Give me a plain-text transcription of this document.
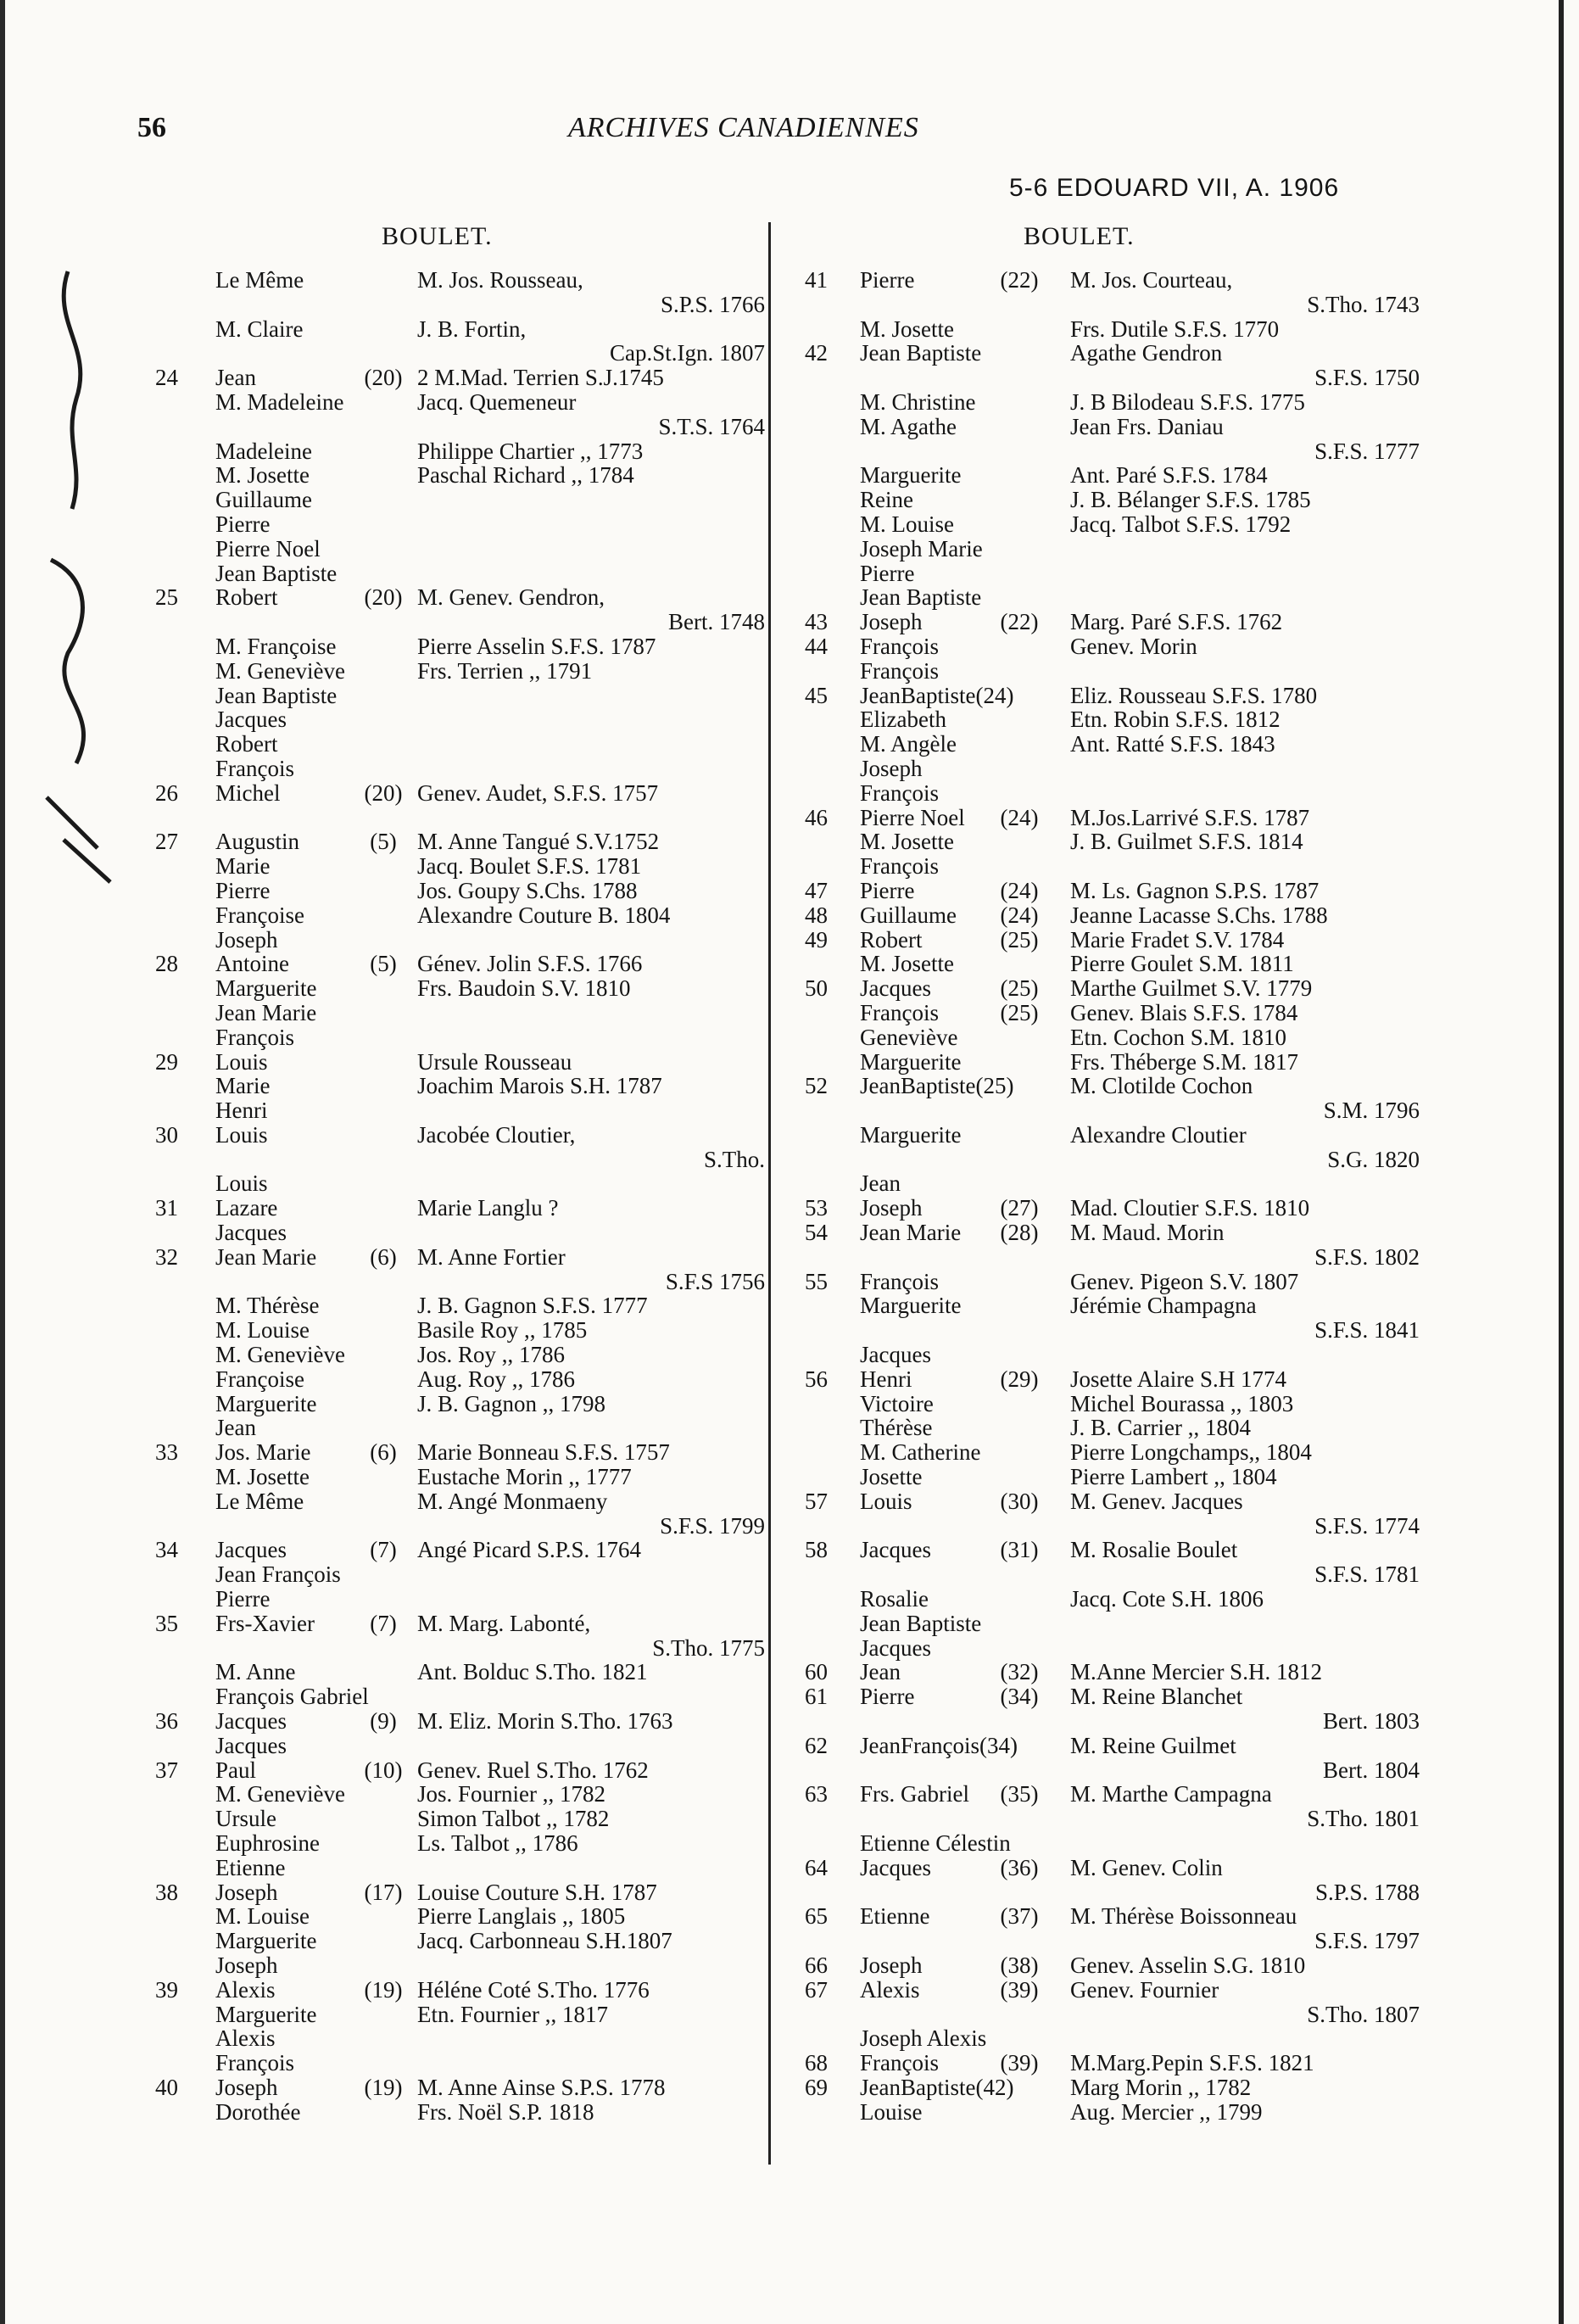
56	ARCHIVES CANADIENNES
5-6 EDOUARD VII, A. 1906
BOULET.	BOULET.
Le Même	M. Jos. Rousseau,
S.P.S. 1766
M. Claire	J. B. Fortin,
Cap.St.Ign. 1807
24 Jean	(20) 2 M.Mad. Terrien S.J.1745
M. Madeleine	Jacq. Quemeneur
S.T.S. 1764
Madeleine	Philippe Chartier ,, 1773
M. Josette	Paschal Richard ,, 1784
Guillaume
Pierre
Pierre Noel
Jean Baptiste
25 Robert	(20) M. Genev. Gendron,
Bert. 1748
M. Françoise	Pierre Asselin S.F.S. 1787
M. Geneviève	Frs. Terrien ,, 1791
Jean Baptiste
Jacques
Robert
François
26 Michel	(20) Genev. Audet, S.F.S. 1757
27 Augustin	(5) M. Anne Tangué S.V.1752
Marie	Jacq. Boulet S.F.S. 1781
Pierre	Jos. Goupy S.Chs. 1788
Françoise	Alexandre Couture B. 1804
Joseph
28 Antoine	(5) Génev. Jolin S.F.S. 1766
Marguerite	Frs. Baudoin S.V. 1810
Jean Marie
François
29 Louis	Ursule Rousseau
Marie	Joachim Marois S.H. 1787
Henri
30 Louis	Jacobée Cloutier,
S.Tho.
Louis
31 Lazare	Marie Langlu ?
Jacques
32 Jean Marie	(6) M. Anne Fortier
S.F.S 1756
M. Thérèse	J. B. Gagnon S.F.S. 1777
M. Louise	Basile Roy ,, 1785
M. Geneviève	Jos. Roy ,, 1786
Françoise	Aug. Roy ,, 1786
Marguerite	J. B. Gagnon ,, 1798
Jean
33 Jos. Marie	(6) Marie Bonneau S.F.S. 1757
M. Josette	Eustache Morin ,, 1777
Le Même	M. Angé Monmaeny
S.F.S. 1799
34 Jacques	(7) Angé Picard S.P.S. 1764
Jean François
Pierre
35 Frs-Xavier	(7) M. Marg. Labonté,
S.Tho. 1775
M. Anne	Ant. Bolduc S.Tho. 1821
François Gabriel
36 Jacques	(9) M. Eliz. Morin S.Tho. 1763
Jacques
37 Paul	(10) Genev. Ruel S.Tho. 1762
M. Geneviève	Jos. Fournier ,, 1782
Ursule	Simon Talbot ,, 1782
Euphrosine	Ls. Talbot ,, 1786
Etienne
38 Joseph	(17) Louise Couture S.H. 1787
M. Louise	Pierre Langlais ,, 1805
Marguerite	Jacq. Carbonneau S.H.1807
Joseph
39 Alexis	(19) Héléne Coté S.Tho. 1776
Marguerite	Etn. Fournier ,, 1817
Alexis
François
40 Joseph	(19) M. Anne Ainse S.P.S. 1778
Dorothée	Frs. Noël S.P. 1818
41 Pierre	(22) M. Jos. Courteau,
S.Tho. 1743
M. Josette	Frs. Dutile S.F.S. 1770
42 Jean Baptiste	Agathe Gendron
S.F.S. 1750
M. Christine	J. B Bilodeau S.F.S. 1775
M. Agathe	Jean Frs. Daniau
S.F.S. 1777
Marguerite	Ant. Paré S.F.S. 1784
Reine	J. B. Bélanger S.F.S. 1785
M. Louise	Jacq. Talbot S.F.S. 1792
Joseph Marie
Pierre
Jean Baptiste
43 Joseph	(22) Marg. Paré S.F.S. 1762
44 François	Genev. Morin
François
45 JeanBaptiste(24) Eliz. Rousseau S.F.S. 1780
Elizabeth	Etn. Robin S.F.S. 1812
M. Angèle	Ant. Ratté S.F.S. 1843
Joseph
François
46 Pierre Noel (24) M.Jos.Larrivé S.F.S. 1787
M. Josette	J. B. Guilmet S.F.S. 1814
François
47 Pierre	(24) M. Ls. Gagnon S.P.S. 1787
48 Guillaume (24) Jeanne Lacasse S.Chs. 1788
49 Robert	(25) Marie Fradet S.V. 1784
M. Josette	Pierre Goulet S.M. 1811
50 Jacques	(25) Marthe Guilmet S.V. 1779
François	(25) Genev. Blais S.F.S. 1784
Geneviève	Etn. Cochon S.M. 1810
Marguerite	Frs. Théberge S.M. 1817
52 JeanBaptiste(25) M. Clotilde Cochon
S.M. 1796
Marguerite	Alexandre Cloutier
S.G. 1820
Jean
53 Joseph	(27) Mad. Cloutier S.F.S. 1810
54 Jean Marie (28) M. Maud. Morin
S.F.S. 1802
55 François	Genev. Pigeon S.V. 1807
Marguerite	Jérémie Champagna
S.F.S. 1841
Jacques
56 Henri	(29) Josette Alaire S.H 1774
Victoire	Michel Bourassa ,, 1803
Thérèse	J. B. Carrier ,, 1804
M. Catherine	Pierre Longchamps,, 1804
Josette	Pierre Lambert ,, 1804
57 Louis	(30) M. Genev. Jacques
S.F.S. 1774
58 Jacques	(31) M. Rosalie Boulet
S.F.S. 1781
Rosalie	Jacq. Cote S.H. 1806
Jean Baptiste
Jacques
60 Jean	(32) M.Anne Mercier S.H. 1812
61 Pierre	(34) M. Reine Blanchet
Bert. 1803
62 JeanFrançois(34) M. Reine Guilmet
Bert. 1804
63 Frs. Gabriel (35) M. Marthe Campagna
S.Tho. 1801
Etienne Célestin
64 Jacques	(36) M. Genev. Colin
S.P.S. 1788
65 Etienne	(37) M. Thérèse Boissonneau
S.F.S. 1797
66 Joseph	(38) Genev. Asselin S.G. 1810
67 Alexis	(39) Genev. Fournier
S.Tho. 1807
Joseph Alexis
68 François	(39) M.Marg.Pepin S.F.S. 1821
69 JeanBaptiste(42) Marg Morin ,, 1782
Louise	Aug. Mercier ,, 1799
